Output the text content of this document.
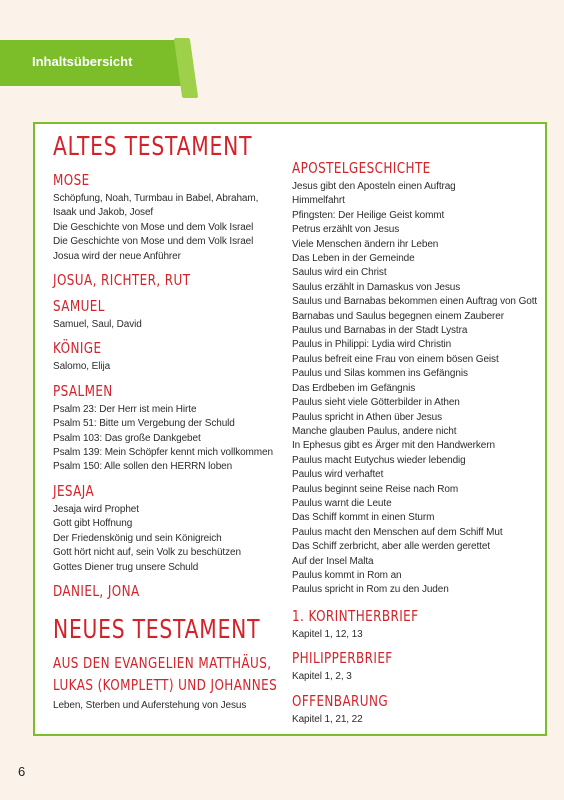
Inhaltsübersicht
ALTES TESTAMENT
MOSE
Schöpfung, Noah, Turmbau in Babel, Abraham, Isaak und Jakob, Josef
Die Geschichte von Mose und dem Volk Israel
Die Geschichte von Mose und dem Volk Israel
Josua wird der neue Anführer
JOSUA, RICHTER, RUT
SAMUEL
Samuel, Saul, David
KÖNIGE
Salomo, Elija
PSALMEN
Psalm 23: Der Herr ist mein Hirte
Psalm 51: Bitte um Vergebung der Schuld
Psalm 103: Das große Dankgebet
Psalm 139: Mein Schöpfer kennt mich vollkommen
Psalm 150: Alle sollen den HERRN loben
JESAJA
Jesaja wird Prophet
Gott gibt Hoffnung
Der Friedenskönig und sein Königreich
Gott hört nicht auf, sein Volk zu beschützen
Gottes Diener trug unsere Schuld
DANIEL, JONA
NEUES TESTAMENT
AUS DEN EVANGELIEN MATTHÄUS,
LUKAS (KOMPLETT) UND JOHANNES
Leben, Sterben und Auferstehung von Jesus
APOSTELGESCHICHTE
Jesus gibt den Aposteln einen Auftrag
Himmelfahrt
Pfingsten: Der Heilige Geist kommt
Petrus erzählt von Jesus
Viele Menschen ändern ihr Leben
Das Leben in der Gemeinde
Saulus wird ein Christ
Saulus erzählt in Damaskus von Jesus
Saulus und Barnabas bekommen einen Auftrag von Gott
Barnabas und Saulus begegnen einem Zauberer
Paulus und Barnabas in der Stadt Lystra
Paulus in Philippi: Lydia wird Christin
Paulus befreit eine Frau von einem bösen Geist
Paulus und Silas kommen ins Gefängnis
Das Erdbeben im Gefängnis
Paulus sieht viele Götterbilder in Athen
Paulus spricht in Athen über Jesus
Manche glauben Paulus, andere nicht
In Ephesus gibt es Ärger mit den Handwerkern
Paulus macht Eutychus wieder lebendig
Paulus wird verhaftet
Paulus beginnt seine Reise nach Rom
Paulus warnt die Leute
Das Schiff kommt in einen Sturm
Paulus macht den Menschen auf dem Schiff Mut
Das Schiff zerbricht, aber alle werden gerettet
Auf der Insel Malta
Paulus kommt in Rom an
Paulus spricht in Rom zu den Juden
1. KORINTHERBRIEF
Kapitel 1, 12, 13
PHILIPPERBRIEF
Kapitel 1, 2, 3
OFFENBARUNG
Kapitel 1, 21, 22
6
